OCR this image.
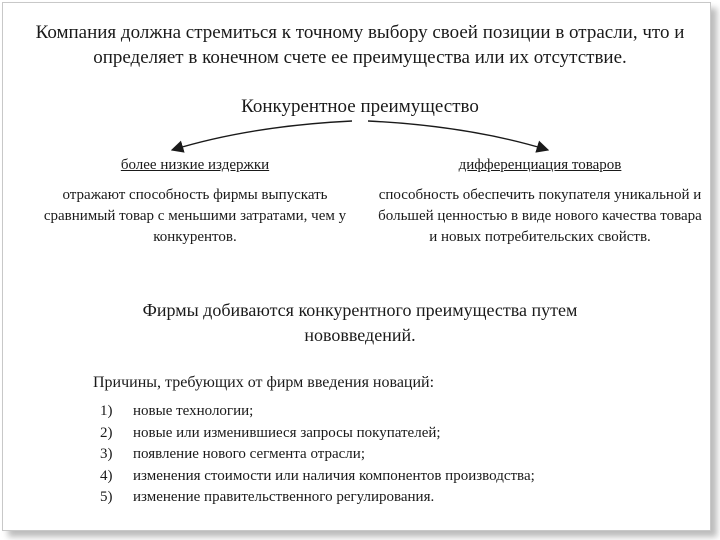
Компания должна стремиться к точному выбору своей позиции в отрасли, что и определяет в конечном счете ее преимущества или их отсутствие.
Конкурентное преимущество
более низкие издержки	дифференциация товаров
отражают способность фирмы выпускать сравнимый товар с меньшими затратами, чем у конкурентов.
способность обеспечить покупателя уникальной и большей ценностью в виде нового качества товара и новых потребительских свойств.
Фирмы добиваются конкурентного преимущества путем нововведений.
Причины, требующих от фирм введения новаций:
1)	новые технологии;
2)	новые или изменившиеся запросы покупателей;
3)	появление нового сегмента отрасли;
4)	изменения стоимости или наличия компонентов производства;
5)	изменение правительственного регулирования.
